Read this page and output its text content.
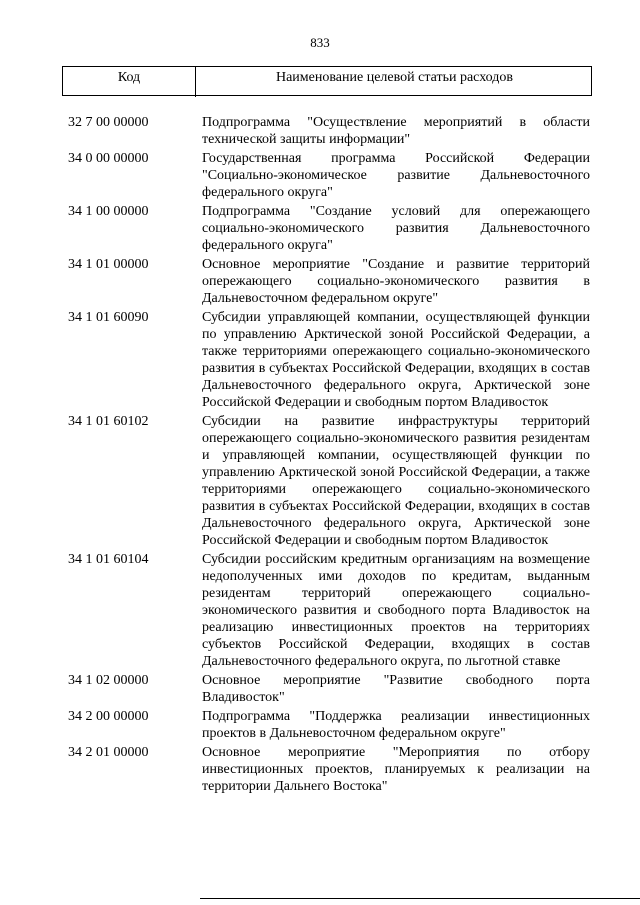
833
Код	Наименование целевой статьи расходов
32 7 00 00000	Подпрограмма "Осуществление мероприятий в области технической защиты информации"
34 0 00 00000	Государственная программа Российской Федерации "Социально-экономическое развитие Дальневосточного федерального округа"
34 1 00 00000	Подпрограмма "Создание условий для опережающего социально-экономического развития Дальневосточного федерального округа"
34 1 01 00000	Основное мероприятие "Создание и развитие территорий опережающего социально-экономического развития в Дальневосточном федеральном округе"
34 1 01 60090	Субсидии управляющей компании, осуществляющей функции по управлению Арктической зоной Российской Федерации, а также территориями опережающего социально-экономического развития в субъектах Российской Федерации, входящих в состав Дальневосточного федерального округа, Арктической зоне Российской Федерации и свободным портом Владивосток
34 1 01 60102	Субсидии на развитие инфраструктуры территорий опережающего социально-экономического развития резидентам и управляющей компании, осуществляющей функции по управлению Арктической зоной Российской Федерации, а также территориями опережающего социально-экономического развития в субъектах Российской Федерации, входящих в состав Дальневосточного федерального округа, Арктической зоне Российской Федерации и свободным портом Владивосток
34 1 01 60104	Субсидии российским кредитным организациям на возмещение недополученных ими доходов по кредитам, выданным резидентам территорий опережающего социально-экономического развития и свободного порта Владивосток на реализацию инвестиционных проектов на территориях субъектов Российской Федерации, входящих в состав Дальневосточного федерального округа, по льготной ставке
34 1 02 00000	Основное мероприятие "Развитие свободного порта Владивосток"
34 2 00 00000	Подпрограмма "Поддержка реализации инвестиционных проектов в Дальневосточном федеральном округе"
34 2 01 00000	Основное мероприятие "Мероприятия по отбору инвестиционных проектов, планируемых к реализации на территории Дальнего Востока"
